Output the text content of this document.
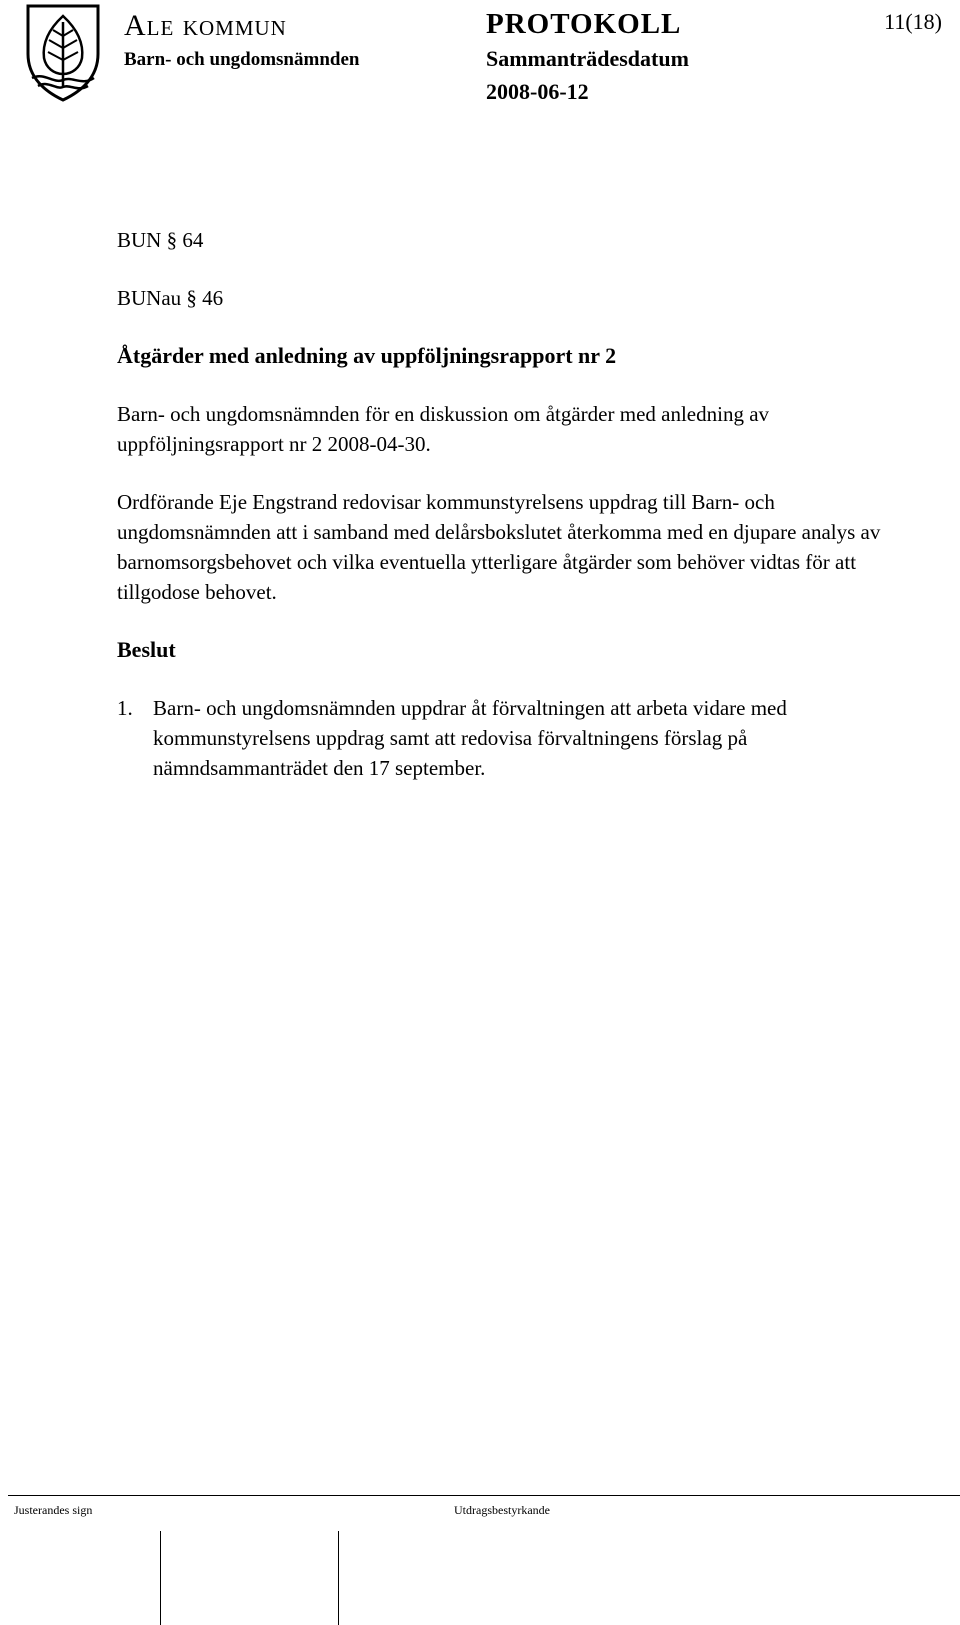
Ale kommun
Barn- och ungdomsnämnden
PROTOKOLL
Sammanträdesdatum
2008-06-12
11(18)

BUN § 64

BUNau § 46

Åtgärder med anledning av uppföljningsrapport nr 2

Barn- och ungdomsnämnden för en diskussion om åtgärder med anledning av uppföljningsrapport nr 2 2008-04-30.

Ordförande Eje Engstrand redovisar kommunstyrelsens uppdrag till Barn- och ungdomsnämnden att i samband med delårsbokslutet återkomma med en djupare analys av barnomsorgsbehovet och vilka eventuella ytterligare åtgärder som behöver vidtas för att tillgodose behovet.

Beslut

1. Barn- och ungdomsnämnden uppdrar åt förvaltningen att arbeta vidare med kommunstyrelsens uppdrag samt att redovisa förvaltningens förslag på nämndsammanträdet den 17 september.
Justerandes sign	Utdragsbestyrkande
